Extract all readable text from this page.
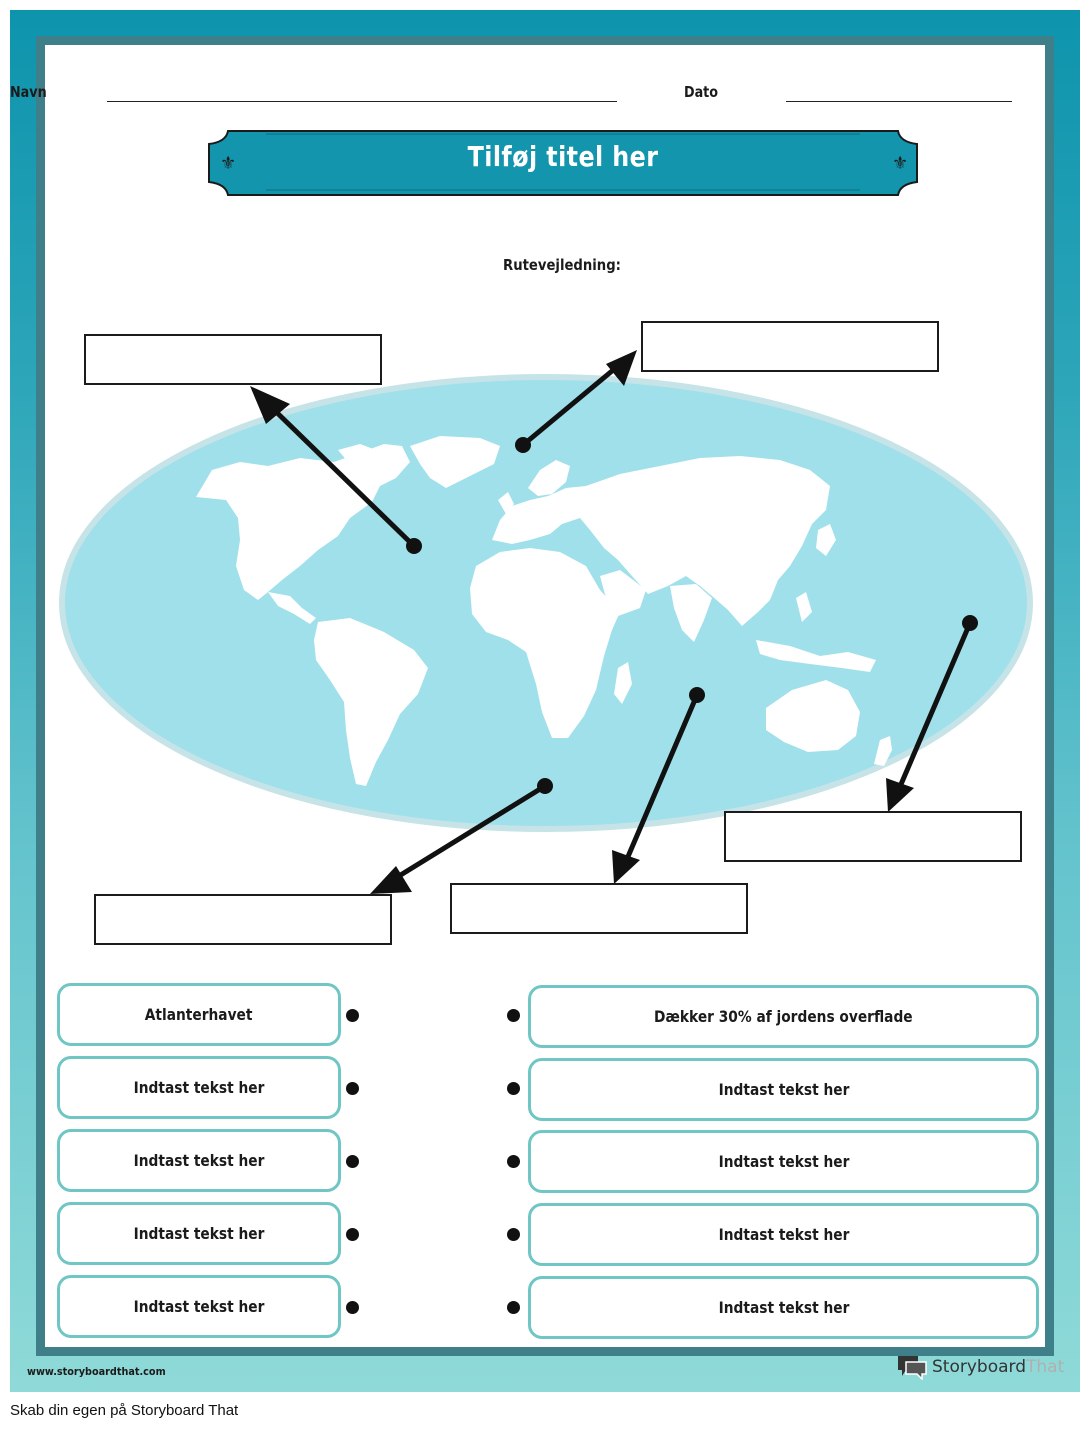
Navn	Dato
⚜	⚜
Tilføj titel her
Rutevejledning:
Atlanterhavet
Indtast tekst her
Indtast tekst her
Indtast tekst her
Indtast tekst her
Dækker 30% af jordens overflade
Indtast tekst her
Indtast tekst her
Indtast tekst her
Indtast tekst her
www.storyboardthat.com	StoryboardThat
Skab din egen på Storyboard That
